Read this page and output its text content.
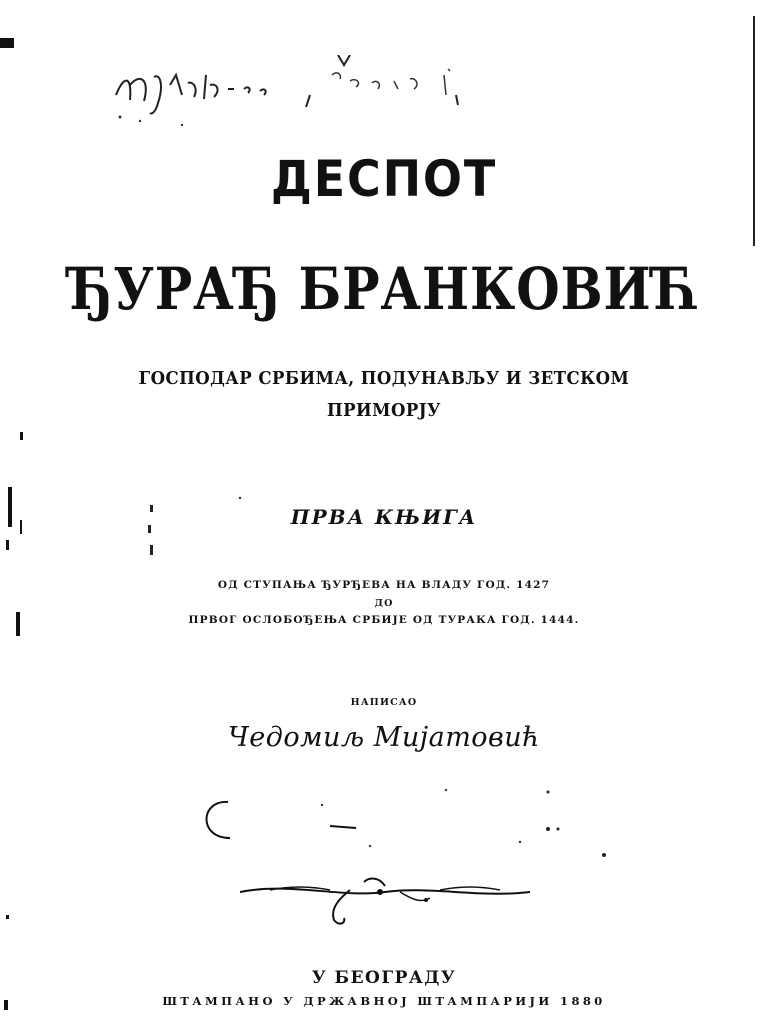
ДЕСПОТ
ЂУРАЂ БРАНКОВИЋ
ГОСПОДАР СРБИМА, ПОДУНАВЉУ И ЗЕТСКОМ
ПРИМОРЈУ
ПРВА КЊИГА
ОД СТУПАЊА ЂУРЂЕВА НА ВЛАДУ ГОД. 1427
ДО
ПРВОГ ОСЛОБОЂЕЊА СРБИЈЕ ОД ТУРАКА ГОД. 1444.
НАПИСАО
Чедомиљ Мијатовић
У БЕОГРАДУ
ШТАМПАНО У ДРЖАВНОЈ ШТАМПАРИЈИ 1880
